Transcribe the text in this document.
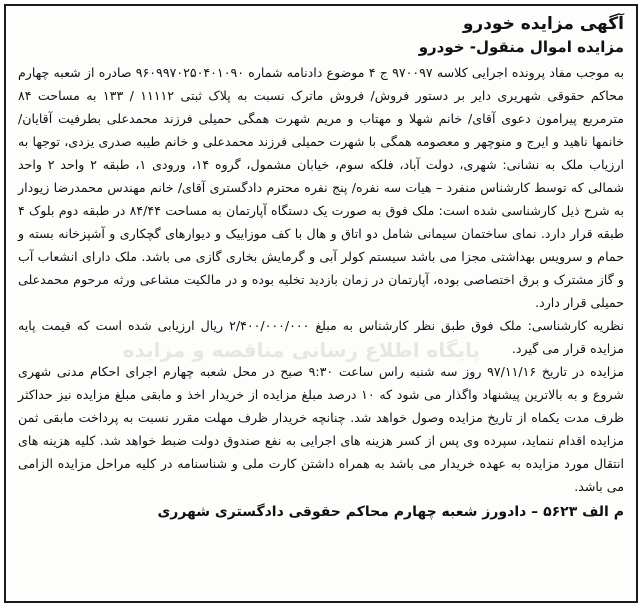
آگهی مزایده خودرو
مزایده اموال منقول- خودرو

به موجب مفاد پرونده اجرایی کلاسه ۹۷۰۰۹۷ ج ۴ موضوع دادنامه شماره ۹۶۰۹۹۷۰۲۵۰۴۰۱۰۹۰ صادره از شعبه چهارم محاکم حقوقی شهریری دایر بر دستور فروش/ فروش ماترک نسبت به پلاک ثبتی ۱۱۱۱۲ / ۱۳۳ به مساحت ۸۴ مترمربع پیرامون دعوی آقای/ خانم شهلا و مهتاب و مریم شهرت همگی حمیلی فرزند محمدعلی بطرفیت آقایان/ خانمها ناهید و ایرج و منوچهر و معصومه همگی با شهرت حمیلی فرزند محمدعلی و خانم طیبه صدری یزدی، توجها به ارزیاب ملک به نشانی: شهری، دولت آباد، فلکه سوم، خیابان مشمول، گروه ۱۴، ورودی ۱، طبقه ۲ واحد ۲ واحد شمالی که توسط کارشناس منفرد – هیات سه نفره/ پنج نفره محترم دادگستری آقای/ خانم مهندس محمدرضا زیودار به شرح ذیل کارشناسی شده است: ملک فوق به صورت یک دستگاه آپارتمان به مساحت ۸۴/۴۴ در طبقه دوم بلوک ۴ طبقه قرار دارد. نمای ساختمان سیمانی شامل دو اتاق و هال با کف موزاییک و دیوارهای گچکاری و آشپزخانه بسته و حمام و سرویس بهداشتی مجزا می باشد سیستم کولر آبی و گرمایش بخاری گازی می باشد. ملک دارای انشعاب آب و گاز مشترک و برق اختصاصی بوده، آپارتمان در زمان بازدید تخلیه بوده و در مالکیت مشاعی ورثه مرحوم محمدعلی حمیلی قرار دارد.

نظریه کارشناسی: ملک فوق طبق نظر کارشناس به مبلغ ۲/۴۰۰/۰۰۰/۰۰۰ ریال ارزیابی شده است که قیمت پایه مزایده قرار می گیرد.

مزایده در تاریخ ۹۷/۱۱/۱۶ روز سه شنبه راس ساعت ۹:۳۰ صبح در محل شعبه چهارم اجرای احکام مدنی شهری شروع و به بالاترین پیشنهاد واگذار می شود که ۱۰ درصد مبلغ مزایده از خریدار اخذ و مابقی مبلغ مزایده نیز حداکثر ظرف مدت یکماه از تاریخ مزایده وصول خواهد شد. چنانچه خریدار ظرف مهلت مقرر نسبت به پرداخت مابقی ثمن مزایده اقدام ننماید، سپرده وی پس از کسر هزینه های اجرایی به نفع صندوق دولت ضبط خواهد شد. کلیه هزینه های انتقال مورد مزایده به عهده خریدار می باشد به همراه داشتن کارت ملی و شناسنامه در کلیه مراحل مزایده الزامی می باشد.

م الف ۵۶۲۳ – دادورز شعبه چهارم محاکم حقوقی دادگستری شهرری
پایگاه اطلاع رسانی مناقصه و مزایده
